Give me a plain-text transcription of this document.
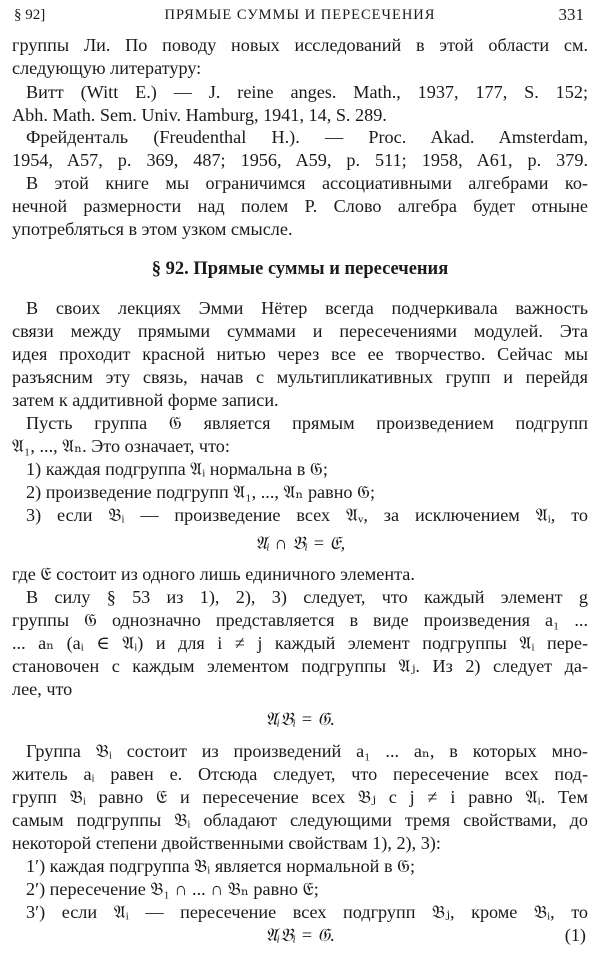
§ 92]	ПРЯМЫЕ СУММЫ И ПЕРЕСЕЧЕНИЯ	331
группы Ли. По поводу новых исследований в этой области см.
следующую литературу:
Витт (Witt E.) — J. reine anges. Math., 1937, 177, S. 152;
Abh. Math. Sem. Univ. Hamburg, 1941, 14, S. 289.
Фрейденталь (Freudenthal H.). — Proc. Akad. Amsterdam,
1954, A57, p. 369, 487; 1956, A59, p. 511; 1958, A61, p. 379.
В этой книге мы ограничимся ассоциативными алгебрами ко-
нечной размерности над полем P. Слово алгебра будет отныне
употребляться в этом узком смысле.
§ 92. Прямые суммы и пересечения
В своих лекциях Эмми Нётер всегда подчеркивала важность
связи между прямыми суммами и пересечениями модулей. Эта
идея проходит красной нитью через все ее творчество. Сейчас мы
разъясним эту связь, начав с мультипликативных групп и перейдя
затем к аддитивной форме записи.
Пусть группа 𝔊 является прямым произведением подгрупп
𝔄₁, ..., 𝔄ₙ. Это означает, что:
1) каждая подгруппа 𝔄ᵢ нормальна в 𝔊;
2) произведение подгрупп 𝔄₁, ..., 𝔄ₙ равно 𝔊;
3) если 𝔅ᵢ — произведение всех 𝔄ᵥ, за исключением 𝔄ᵢ, то
𝔄ᵢ ∩ 𝔅ᵢ = 𝔈,
где 𝔈 состоит из одного лишь единичного элемента.
В силу § 53 из 1), 2), 3) следует, что каждый элемент g
группы 𝔊 однозначно представляется в виде произведения a₁ ...
... aₙ (aᵢ ∈ 𝔄ᵢ) и для i ≠ j каждый элемент подгруппы 𝔄ᵢ пере-
становочен с каждым элементом подгруппы 𝔄ⱼ. Из 2) следует да-
лее, что
𝔄ᵢ𝔅ᵢ = 𝔊.
Группа 𝔅ᵢ состоит из произведений a₁ ... aₙ, в которых мно-
житель aᵢ равен e. Отсюда следует, что пересечение всех под-
групп 𝔅ᵢ равно 𝔈 и пересечение всех 𝔅ⱼ с j ≠ i равно 𝔄ᵢ. Тем
самым подгруппы 𝔅ᵢ обладают следующими тремя свойствами, до
некоторой степени двойственными свойствам 1), 2), 3):
1′) каждая подгруппа 𝔅ᵢ является нормальной в 𝔊;
2′) пересечение 𝔅₁ ∩ ... ∩ 𝔅ₙ равно 𝔈;
3′) если 𝔄ᵢ — пересечение всех подгрупп 𝔅ⱼ, кроме 𝔅ᵢ, то
𝔄ᵢ𝔅ᵢ = 𝔊.	(1)
